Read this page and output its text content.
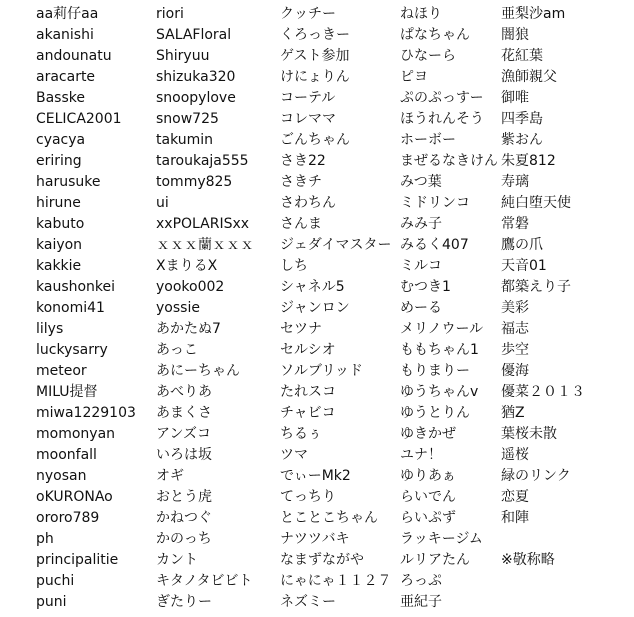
aa莉仔aa
akanishi
andounatu
aracarte
Basske
CELICA2001
cyacya
eriring
harusuke
hirune
kabuto
kaiyon
kakkie
kaushonkei
konomi41
lilys
luckysarry
meteor
MILU提督
miwa1229103
momonyan
moonfall
nyosan
oKURONAo
ororo789
ph
principalitie
puchi
puni
riori
SALAFloral
Shiryuu
shizuka320
snoopylove
snow725
takumin
taroukaja555
tommy825
ui
xxPOLARISxx
ｘｘｘ蘭ｘｘｘ
XまりるX
yooko002
yossie
あかたぬ7
あっこ
あにーちゃん
あべりあ
あまくさ
アンズコ
いろは坂
オギ
おとう虎
かねつぐ
かのっち
カント
キタノタビビト
ぎたりー
クッチー
くろっきー
ゲスト参加
けにょりん
コーテル
コレママ
ごんちゃん
さき22
さきチ
さわちん
さんま
ジェダイマスター
しち
シャネル5
ジャンロン
セツナ
セルシオ
ソルブリッド
たれスコ
チャビコ
ちるぅ
ツマ
でぃーMk2
てっちり
とことこちゃん
ナツツバキ
なまずながや
にゃにゃ１１２７
ネズミー
ねほり
ぱなちゃん
ひなーら
ピヨ
ぷのぷっすー
ほうれんそう
ホーボー
まぜるなきけん
みつ葉
ミドリンコ
みみ子
みるく407
ミルコ
むつき1
めーる
メリノウール
ももちゃん1
もりまりー
ゆうちゃんv
ゆうとりん
ゆきかぜ
ユナ！
ゆりあぁ
らいでん
らいぷず
ラッキージム
ルリアたん
ろっぷ
亜紀子
亜梨沙am
闇狼
花紅葉
漁師親父
御唯
四季島
紫おん
朱夏812
寿璃
純白堕天使
常磐
鷹の爪
天音01
都築えり子
美彩
福志
歩空
優海
優菜２０１３
猶Z
葉桜未散
遥桜
緑のリンク
恋夏
和陣
※敬称略
